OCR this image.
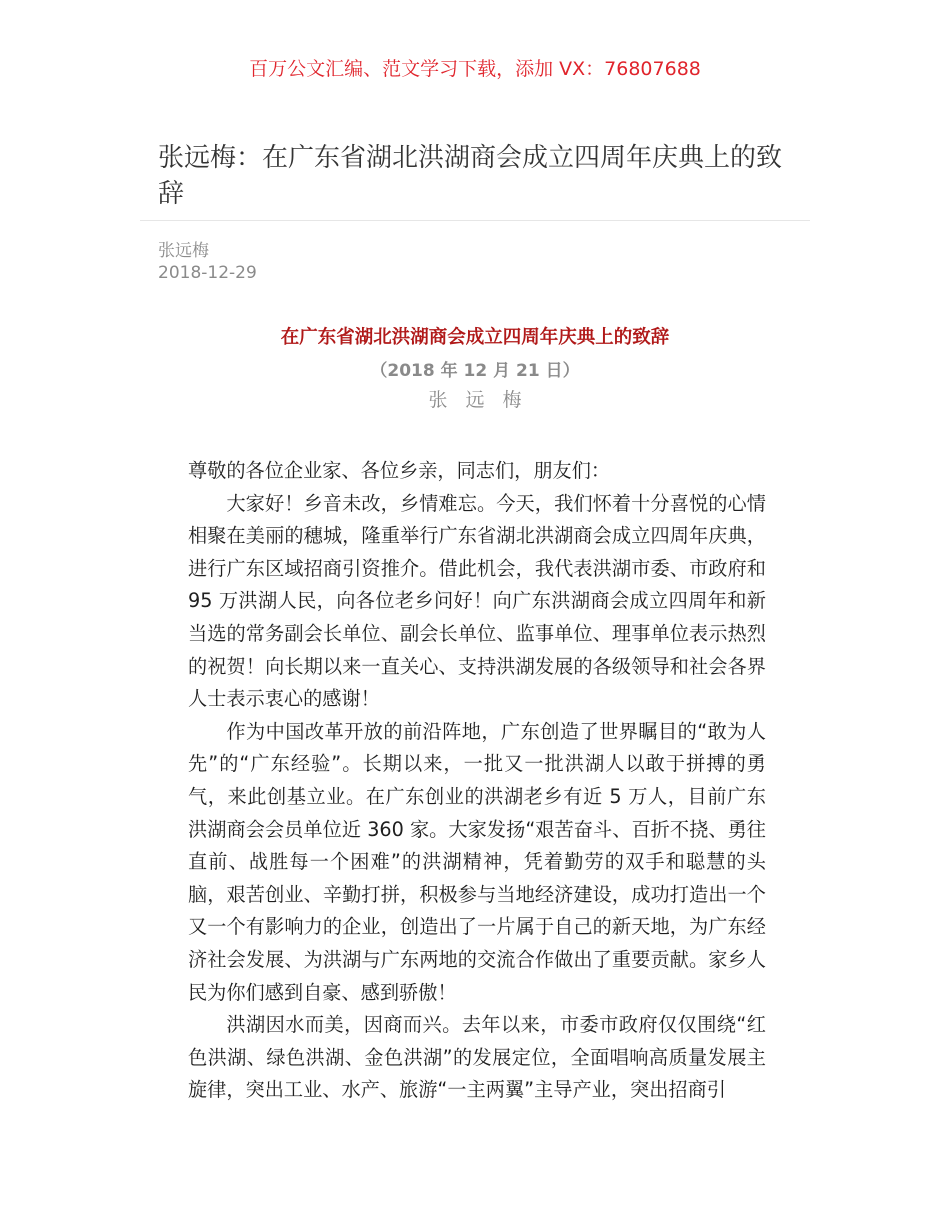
百万公文汇编、范文学习下载，添加 VX：76807688
张远梅：在广东省湖北洪湖商会成立四周年庆典上的致辞
张远梅
2018-12-29
在广东省湖北洪湖商会成立四周年庆典上的致辞
（2018 年 12 月 21 日）
张 远 梅

尊敬的各位企业家、各位乡亲，同志们，朋友们：

大家好！乡音未改，乡情难忘。今天，我们怀着十分喜悦的心情相聚在美丽的穗城，隆重举行广东省湖北洪湖商会成立四周年庆典，进行广东区域招商引资推介。借此机会，我代表洪湖市委、市政府和 95 万洪湖人民，向各位老乡问好！向广东洪湖商会成立四周年和新当选的常务副会长单位、副会长单位、监事单位、理事单位表示热烈的祝贺！向长期以来一直关心、支持洪湖发展的各级领导和社会各界人士表示衷心的感谢！

作为中国改革开放的前沿阵地，广东创造了世界瞩目的“敢为人先”的“广东经验”。长期以来，一批又一批洪湖人以敢于拼搏的勇气，来此创基立业。在广东创业的洪湖老乡有近 5 万人，目前广东洪湖商会会员单位近 360 家。大家发扬“艰苦奋斗、百折不挠、勇往直前、战胜每一个困难”的洪湖精神，凭着勤劳的双手和聪慧的头脑，艰苦创业、辛勤打拼，积极参与当地经济建设，成功打造出一个又一个有影响力的企业，创造出了一片属于自己的新天地，为广东经济社会发展、为洪湖与广东两地的交流合作做出了重要贡献。家乡人民为你们感到自豪、感到骄傲！

洪湖因水而美，因商而兴。去年以来，市委市政府仅仅围绕“红色洪湖、绿色洪湖、金色洪湖”的发展定位，全面唱响高质量发展主旋律，突出工业、水产、旅游“一主两翼”主导产业，突出招商引
